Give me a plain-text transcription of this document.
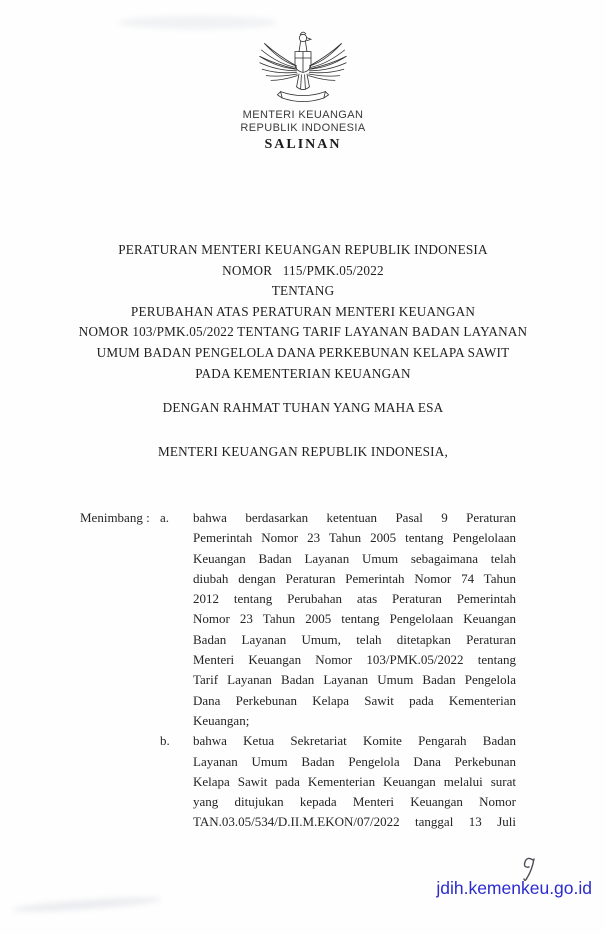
MENTERI KEUANGAN
REPUBLIK INDONESIA
SALINAN
PERATURAN MENTERI KEUANGAN REPUBLIK INDONESIA
NOMOR   115/PMK.05/2022
TENTANG
PERUBAHAN ATAS PERATURAN MENTERI KEUANGAN
NOMOR 103/PMK.05/2022 TENTANG TARIF LAYANAN BADAN LAYANAN
UMUM BADAN PENGELOLA DANA PERKEBUNAN KELAPA SAWIT
PADA KEMENTERIAN KEUANGAN
DENGAN RAHMAT TUHAN YANG MAHA ESA
MENTERI KEUANGAN REPUBLIK INDONESIA,
Menimbang : a.	bahwa berdasarkan ketentuan Pasal 9 Peraturan
Pemerintah Nomor 23 Tahun 2005 tentang Pengelolaan
Keuangan Badan Layanan Umum sebagaimana telah
diubah dengan Peraturan Pemerintah Nomor 74 Tahun
2012 tentang Perubahan atas Peraturan Pemerintah
Nomor 23 Tahun 2005 tentang Pengelolaan Keuangan
Badan Layanan Umum, telah ditetapkan Peraturan
Menteri Keuangan Nomor 103/PMK.05/2022 tentang
Tarif Layanan Badan Layanan Umum Badan Pengelola
Dana Perkebunan Kelapa Sawit pada Kementerian
Keuangan;
b.	bahwa Ketua Sekretariat Komite Pengarah Badan
Layanan Umum Badan Pengelola Dana Perkebunan
Kelapa Sawit pada Kementerian Keuangan melalui surat
yang ditujukan kepada Menteri Keuangan Nomor
TAN.03.05/534/D.II.M.EKON/07/2022 tanggal 13 Juli
jdih.kemenkeu.go.id
